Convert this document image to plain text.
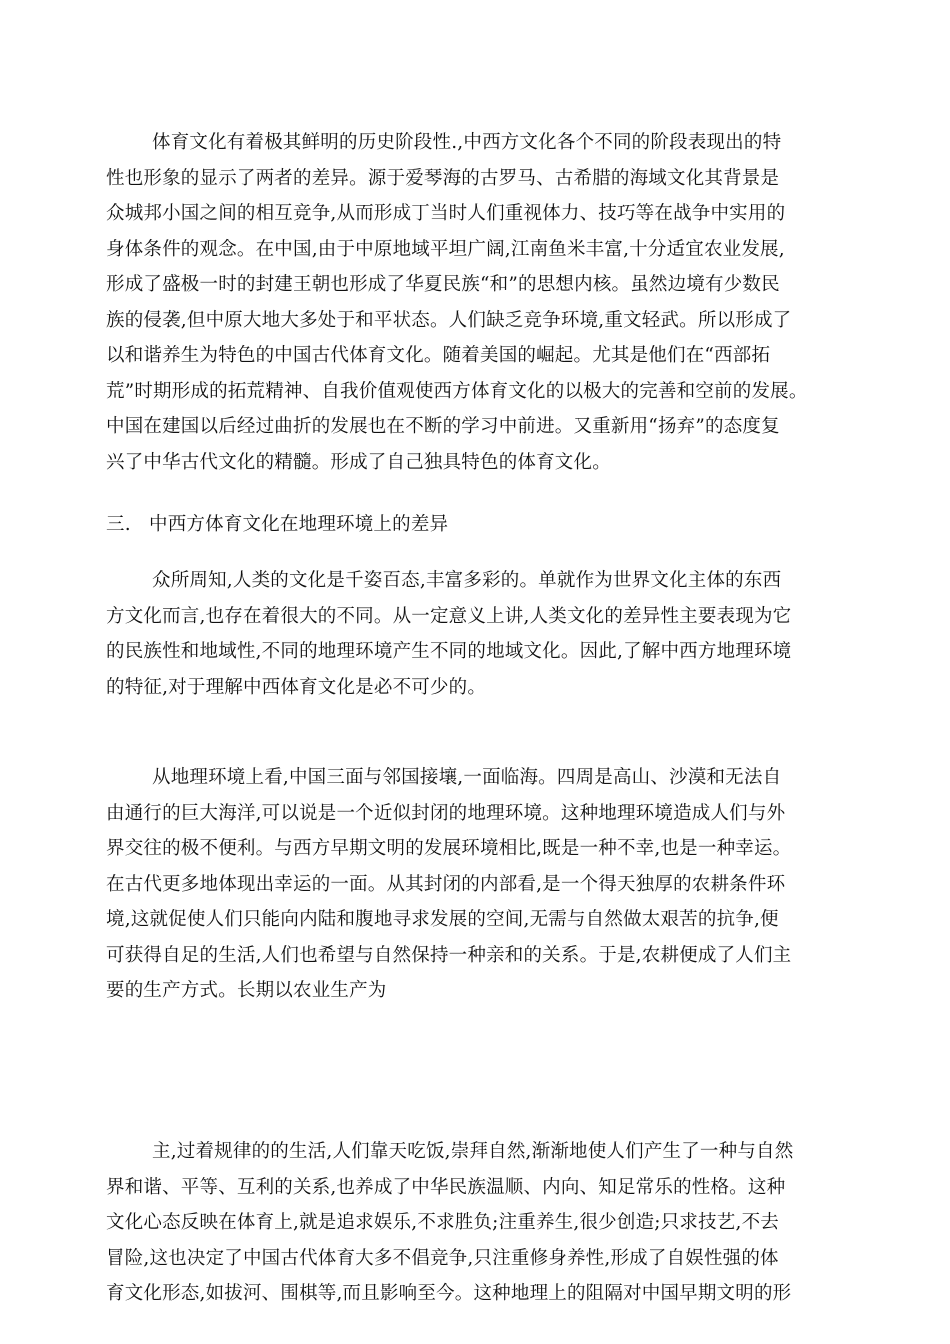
体育文化有着极其鲜明的历史阶段性.,中西方文化各个不同的阶段表现出的特
性也形象的显示了两者的差异。源于爱琴海的古罗马、古希腊的海域文化其背景是
众城邦小国之间的相互竞争,从而形成丁当时人们重视体力、技巧等在战争中实用的
身体条件的观念。在中国,由于中原地域平坦广阔,江南鱼米丰富,十分适宜农业发展,
形成了盛极一时的封建王朝也形成了华夏民族“和”的思想内核。虽然边境有少数民
族的侵袭,但中原大地大多处于和平状态。人们缺乏竞争环境,重文轻武。所以形成了
以和谐养生为特色的中国古代体育文化。随着美国的崛起。尤其是他们在“西部拓
荒”时期形成的拓荒精神、自我价值观使西方体育文化的以极大的完善和空前的发展。
中国在建国以后经过曲折的发展也在不断的学习中前进。又重新用“扬弃”的态度复
兴了中华古代文化的精髓。形成了自己独具特色的体育文化。
三.   中西方体育文化在地理环境上的差异
众所周知,人类的文化是千姿百态,丰富多彩的。单就作为世界文化主体的东西
方文化而言,也存在着很大的不同。从一定意义上讲,人类文化的差异性主要表现为它
的民族性和地域性,不同的地理环境产生不同的地域文化。因此,了解中西方地理环境
的特征,对于理解中西体育文化是必不可少的。
从地理环境上看,中国三面与邻国接壤,一面临海。四周是高山、沙漠和无法自
由通行的巨大海洋,可以说是一个近似封闭的地理环境。这种地理环境造成人们与外
界交往的极不便利。与西方早期文明的发展环境相比,既是一种不幸,也是一种幸运。
在古代更多地体现出幸运的一面。从其封闭的内部看,是一个得天独厚的农耕条件环
境,这就促使人们只能向内陆和腹地寻求发展的空间,无需与自然做太艰苦的抗争,便
可获得自足的生活,人们也希望与自然保持一种亲和的关系。于是,农耕便成了人们主
要的生产方式。长期以农业生产为
主,过着规律的的生活,人们靠天吃饭,崇拜自然,渐渐地使人们产生了一种与自然
界和谐、平等、互利的关系,也养成了中华民族温顺、内向、知足常乐的性格。这种
文化心态反映在体育上,就是追求娱乐,不求胜负;注重养生,很少创造;只求技艺,不去
冒险,这也决定了中国古代体育大多不倡竞争,只注重修身养性,形成了自娱性强的体
育文化形态,如拔河、围棋等,而且影响至今。这种地理上的阻隔对中国早期文明的形
